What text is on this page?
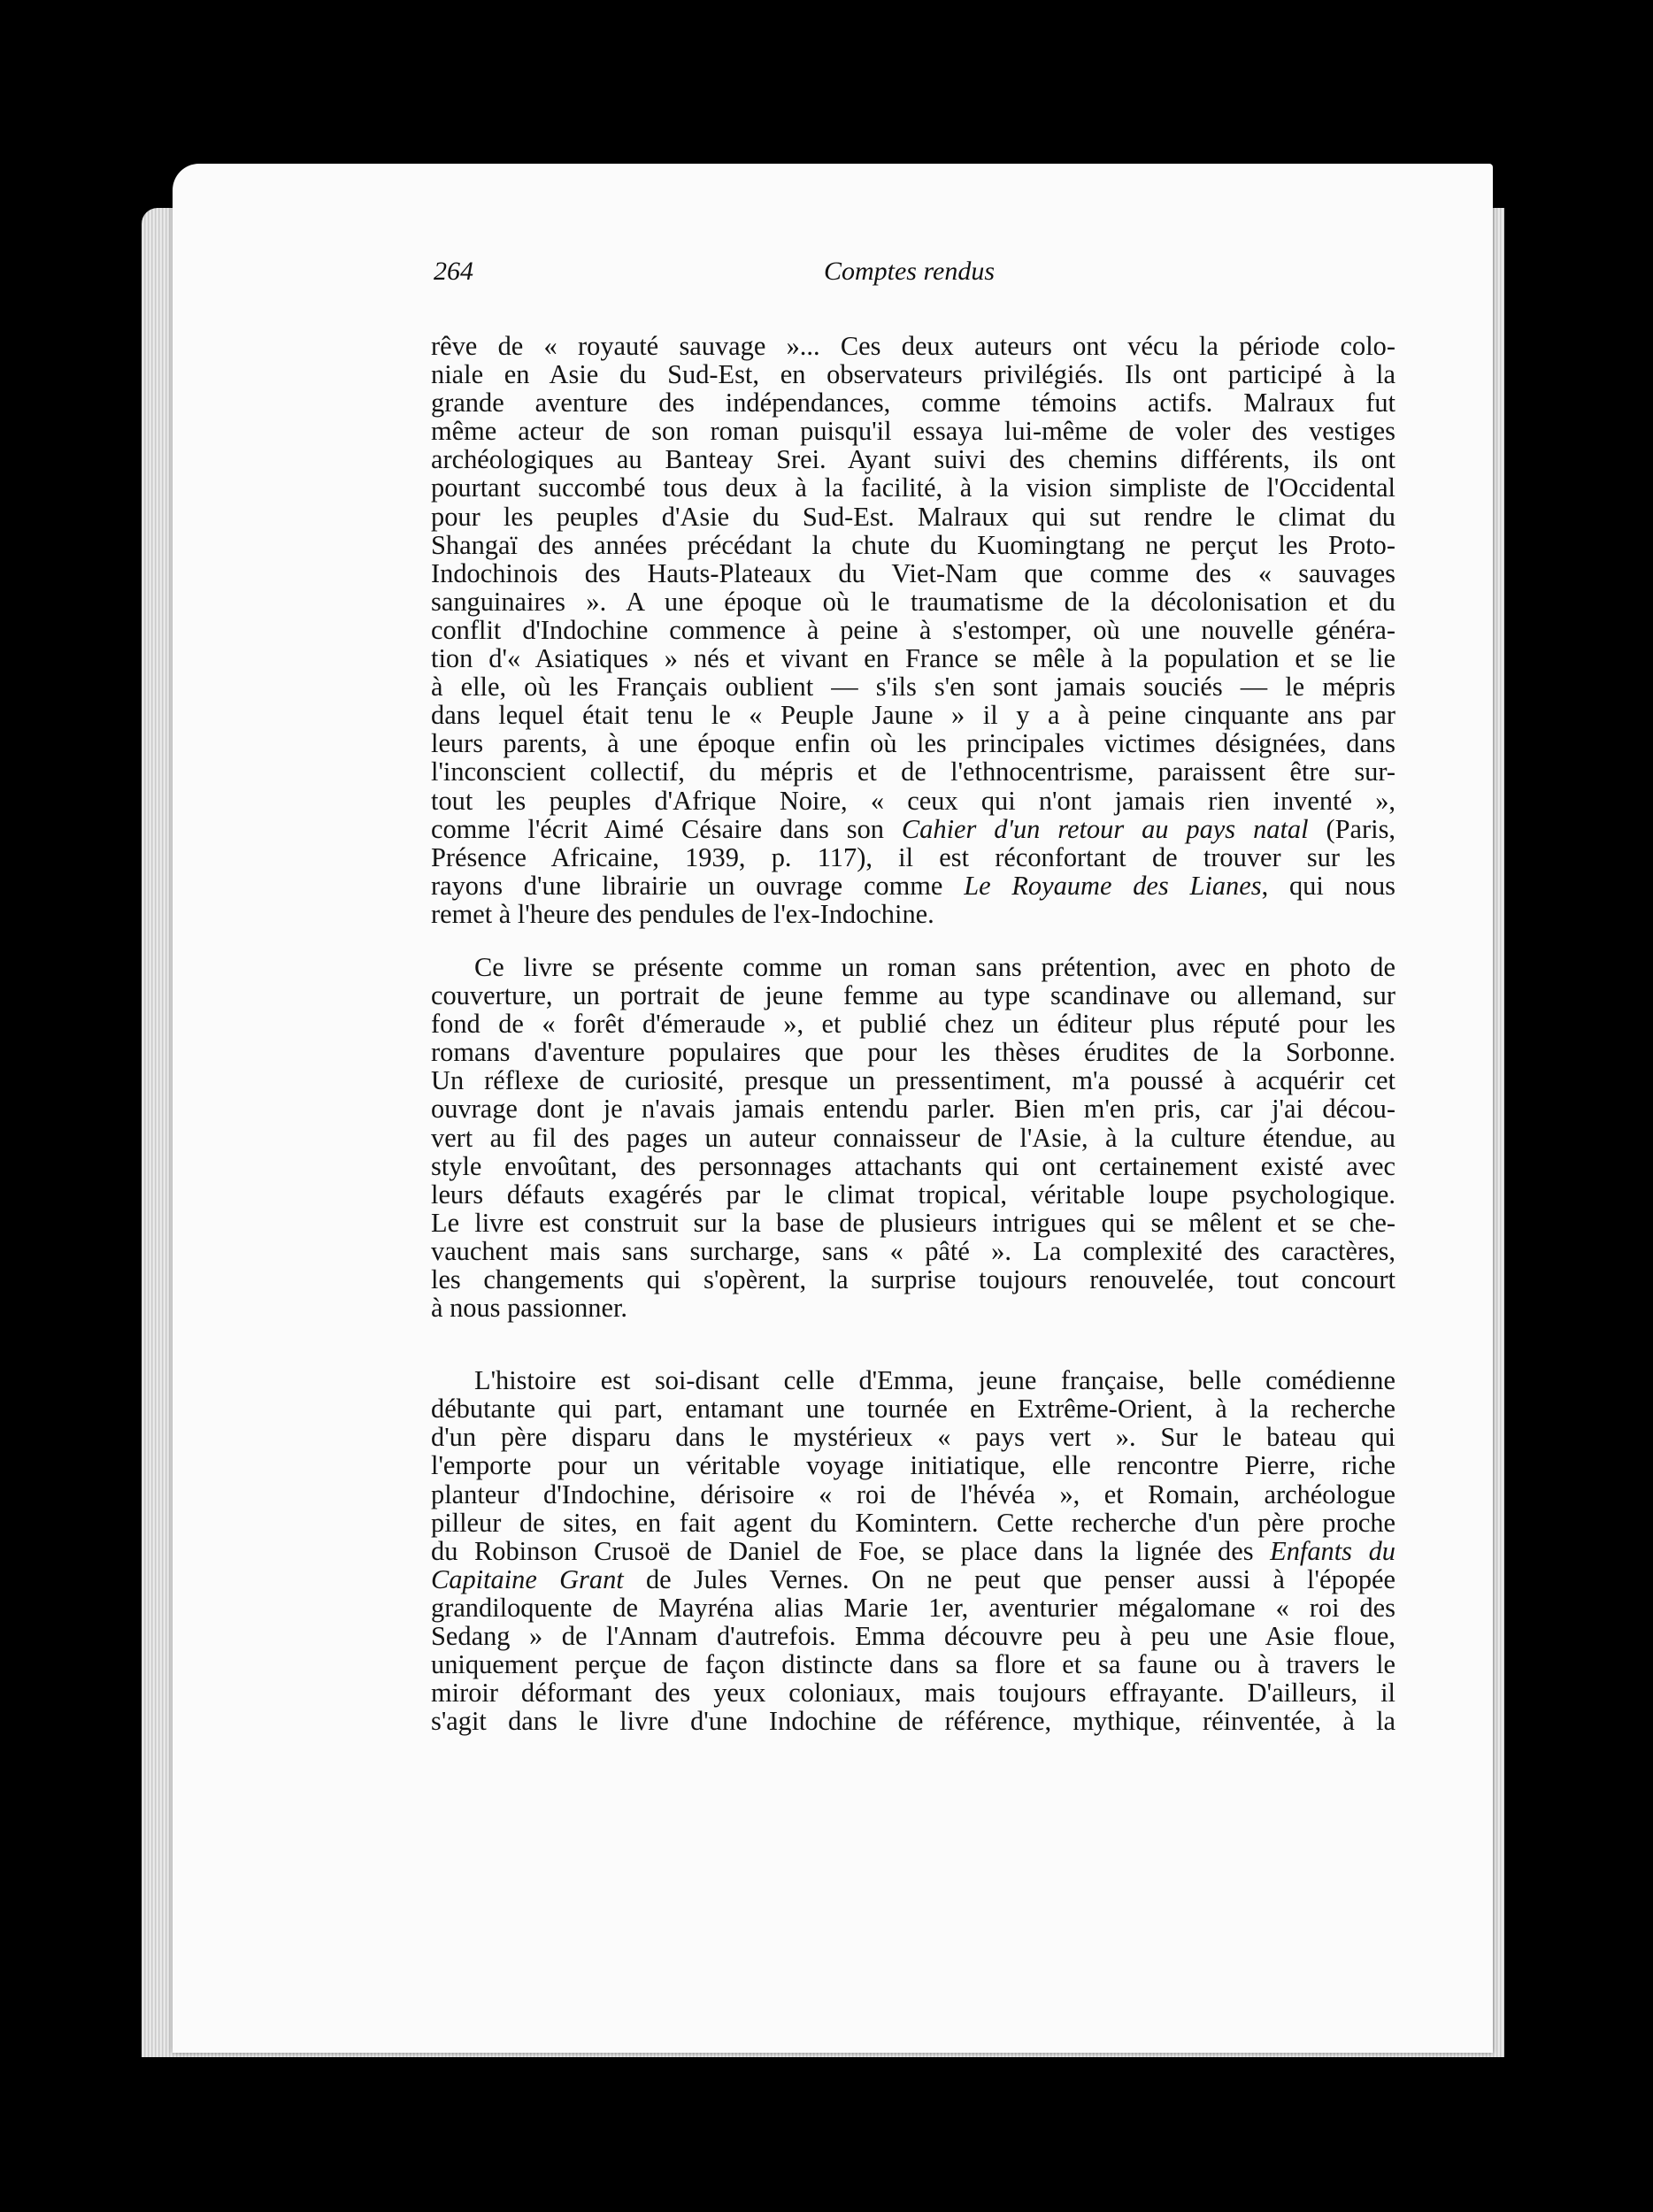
264	Comptes rendus
rêve de « royauté sauvage »... Ces deux auteurs ont vécu la période colo-
niale en Asie du Sud-Est, en observateurs privilégiés. Ils ont participé à la
grande aventure des indépendances, comme témoins actifs. Malraux fut
même acteur de son roman puisqu'il essaya lui-même de voler des vestiges
archéologiques au Banteay Srei. Ayant suivi des chemins différents, ils ont
pourtant succombé tous deux à la facilité, à la vision simpliste de l'Occidental
pour les peuples d'Asie du Sud-Est. Malraux qui sut rendre le climat du
Shangaï des années précédant la chute du Kuomingtang ne perçut les Proto-
Indochinois des Hauts-Plateaux du Viet-Nam que comme des « sauvages
sanguinaires ». A une époque où le traumatisme de la décolonisation et du
conflit d'Indochine commence à peine à s'estomper, où une nouvelle généra-
tion d'« Asiatiques » nés et vivant en France se mêle à la population et se lie
à elle, où les Français oublient — s'ils s'en sont jamais souciés — le mépris
dans lequel était tenu le « Peuple Jaune » il y a à peine cinquante ans par
leurs parents, à une époque enfin où les principales victimes désignées, dans
l'inconscient collectif, du mépris et de l'ethnocentrisme, paraissent être sur-
tout les peuples d'Afrique Noire, « ceux qui n'ont jamais rien inventé »,
comme l'écrit Aimé Césaire dans son Cahier d'un retour au pays natal (Paris,
Présence Africaine, 1939, p. 117), il est réconfortant de trouver sur les
rayons d'une librairie un ouvrage comme Le Royaume des Lianes, qui nous
remet à l'heure des pendules de l'ex-Indochine.
Ce livre se présente comme un roman sans prétention, avec en photo de
couverture, un portrait de jeune femme au type scandinave ou allemand, sur
fond de « forêt d'émeraude », et publié chez un éditeur plus réputé pour les
romans d'aventure populaires que pour les thèses érudites de la Sorbonne.
Un réflexe de curiosité, presque un pressentiment, m'a poussé à acquérir cet
ouvrage dont je n'avais jamais entendu parler. Bien m'en pris, car j'ai décou-
vert au fil des pages un auteur connaisseur de l'Asie, à la culture étendue, au
style envoûtant, des personnages attachants qui ont certainement existé avec
leurs défauts exagérés par le climat tropical, véritable loupe psychologique.
Le livre est construit sur la base de plusieurs intrigues qui se mêlent et se che-
vauchent mais sans surcharge, sans « pâté ». La complexité des caractères,
les changements qui s'opèrent, la surprise toujours renouvelée, tout concourt
à nous passionner.
L'histoire est soi-disant celle d'Emma, jeune française, belle comédienne
débutante qui part, entamant une tournée en Extrême-Orient, à la recherche
d'un père disparu dans le mystérieux « pays vert ». Sur le bateau qui
l'emporte pour un véritable voyage initiatique, elle rencontre Pierre, riche
planteur d'Indochine, dérisoire « roi de l'hévéa », et Romain, archéologue
pilleur de sites, en fait agent du Komintern. Cette recherche d'un père proche
du Robinson Crusoë de Daniel de Foe, se place dans la lignée des Enfants du
Capitaine Grant de Jules Vernes. On ne peut que penser aussi à l'épopée
grandiloquente de Mayréna alias Marie 1er, aventurier mégalomane « roi des
Sedang » de l'Annam d'autrefois. Emma découvre peu à peu une Asie floue,
uniquement perçue de façon distincte dans sa flore et sa faune ou à travers le
miroir déformant des yeux coloniaux, mais toujours effrayante. D'ailleurs, il
s'agit dans le livre d'une Indochine de référence, mythique, réinventée, à la
